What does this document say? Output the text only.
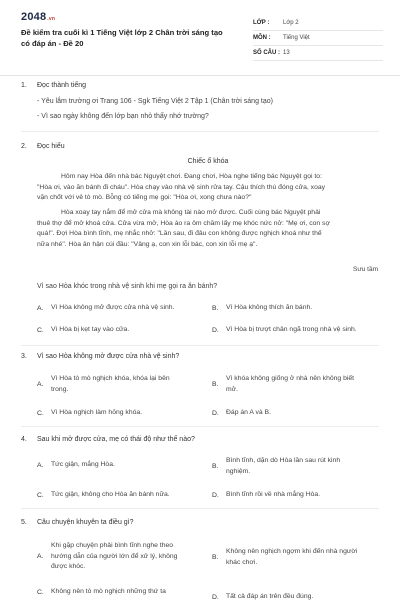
2048.vn
Đề kiểm tra cuối kì 1 Tiếng Việt lớp 2 Chân trời sáng tạo có đáp án - Đề 20
LỚP :	Lớp 2
MÔN :	Tiếng Việt
SỐ CÂU : 13
1. Đọc thành tiếng
- Yêu lắm trường ơi Trang 106 - Sgk Tiếng Việt 2 Tập 1 (Chân trời sáng tạo)
- Vì sao ngày không đến lớp bạn nhỏ thấy nhớ trường?
2. Đọc hiểu
Chiếc ổ khóa
Hôm nay Hòa đến nhà bác Nguyệt chơi. Đang chơi, Hòa nghe tiếng bác Nguyệt gọi to:
"Hòa ơi, vào ăn bánh đi cháu". Hòa chạy vào nhà vệ sinh rửa tay. Cậu thích thú đóng cửa, xoay
vặn chốt với vẻ tò mò. Bỗng có tiếng mẹ gọi: "Hòa ơi, xong chưa nào?"
Hòa xoay tay nắm để mở cửa mà không tài nào mở được. Cuối cùng bác Nguyệt phải
thuê thợ để mở khoá cửa. Cửa vừa mở, Hòa ào ra ôm chầm lấy mẹ khóc nức nở: "Mẹ ơi, con sợ
quá!". Đợi Hòa bình tĩnh, mẹ nhắc nhở: "Lần sau, đi đâu con không được nghịch khoá như thế
nữa nhé". Hòa ân hận cúi đầu: "Vâng ạ, con xin lỗi bác, con xin lỗi mẹ ạ".
Sưu tầm
Vì sao Hòa khóc trong nhà vệ sinh khi mẹ gọi ra ăn bánh?
A.	Vì Hòa không mở được cửa nhà vệ sinh.	B.	Vì Hòa không thích ăn bánh.
C.	Vì Hòa bị kẹt tay vào cửa.	D.	Vì Hòa bị trượt chân ngã trong nhà vệ sinh.
3. Vì sao Hòa không mở được cửa nhà vệ sinh?
A.
Vì Hòa tò mò nghịch khóa, khóa lại bên
trong.
B.
Vì khóa không giống ở nhà nên không biết
mở.
C.	Vì Hòa nghịch làm hỏng khóa.	D.	Đáp án A và B.
4. Sau khi mở được cửa, mẹ có thái độ như thế nào?
A.	Tức giận, mắng Hòa.	B.
Bình tĩnh, dặn dò Hòa lần sau rút kinh
nghiệm.
C.	Tức giận, không cho Hòa ăn bánh nữa.	D.	Bình tĩnh rồi về nhà mắng Hòa.
5. Câu chuyện khuyên ta điều gì?
A.
Khi gặp chuyện phải bình tĩnh nghe theo
hướng dẫn của người lớn để xử lý, không
được khóc.
B.
Không nên nghịch ngợm khi đến nhà người
khác chơi.
C.	Không nên tò mò nghịch những thứ ta
D.	Tất cả đáp án trên đều đúng.
